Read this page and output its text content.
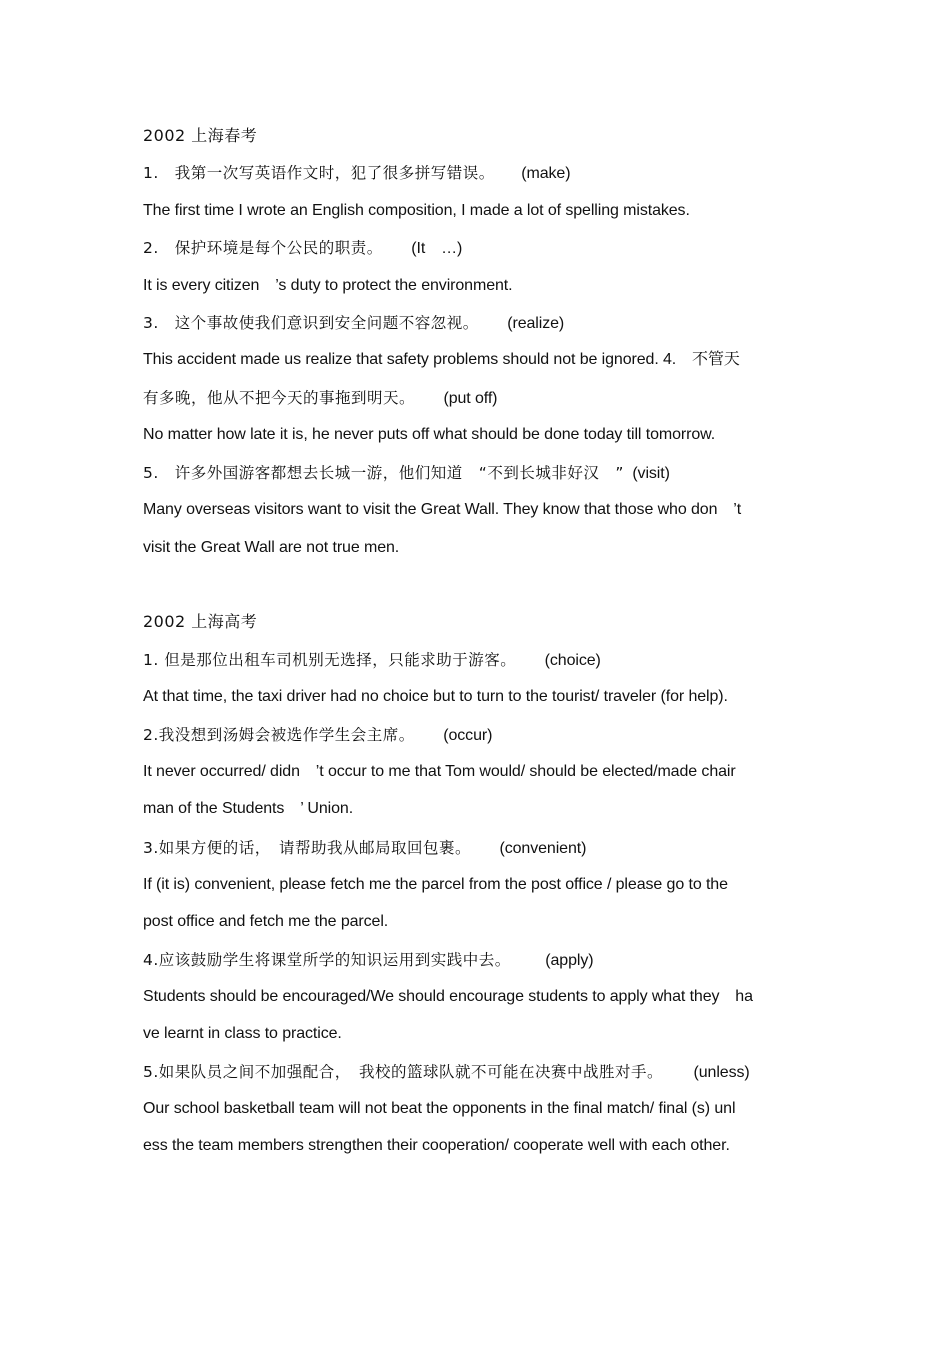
2002 上海春考
1.　我第一次写英语作文时，犯了很多拼写错误。 (make)
The first time I wrote an English composition, I made a lot of spelling mistakes.
2.　保护环境是每个公民的职责。 (It　…)
It is every citizen　’s duty to protect the environment.
3.　这个事故使我们意识到安全问题不容忽视。 (realize)
This accident made us realize that safety problems should not be ignored. 4.　不管天
有多晚，他从不把今天的事拖到明天。 (put off)
No matter how late it is, he never puts off what should be done today till tomorrow.
5.　许多外国游客都想去长城一游，他们知道　“不到长城非好汉　” (visit)
Many overseas visitors want to visit the Great Wall. They know that those who don　’t
visit the Great Wall are not true men.
2002 上海高考
1. 但是那位出租车司机别无选择，只能求助于游客。 (choice)
At that time, the taxi driver had no choice but to turn to the tourist/ traveler (for help).
2.我没想到汤姆会被选作学生会主席。 (occur)
It never occurred/ didn　’t occur to me that Tom would/ should be elected/made chair
man of the Students　’ Union.
3.如果方便的话，　请帮助我从邮局取回包裹。 (convenient)
If (it is) convenient, please fetch me the parcel from the post office / please go to the
post office and fetch me the parcel.
4.应该鼓励学生将课堂所学的知识运用到实践中去。 (apply)
Students should be encouraged/We should encourage students to apply what they　ha
ve learnt in class to practice.
5.如果队员之间不加强配合，　我校的篮球队就不可能在决赛中战胜对手。 (unless)
Our school basketball team will not beat the opponents in the final match/ final (s) unl
ess the team members strengthen their cooperation/ cooperate well with each other.
